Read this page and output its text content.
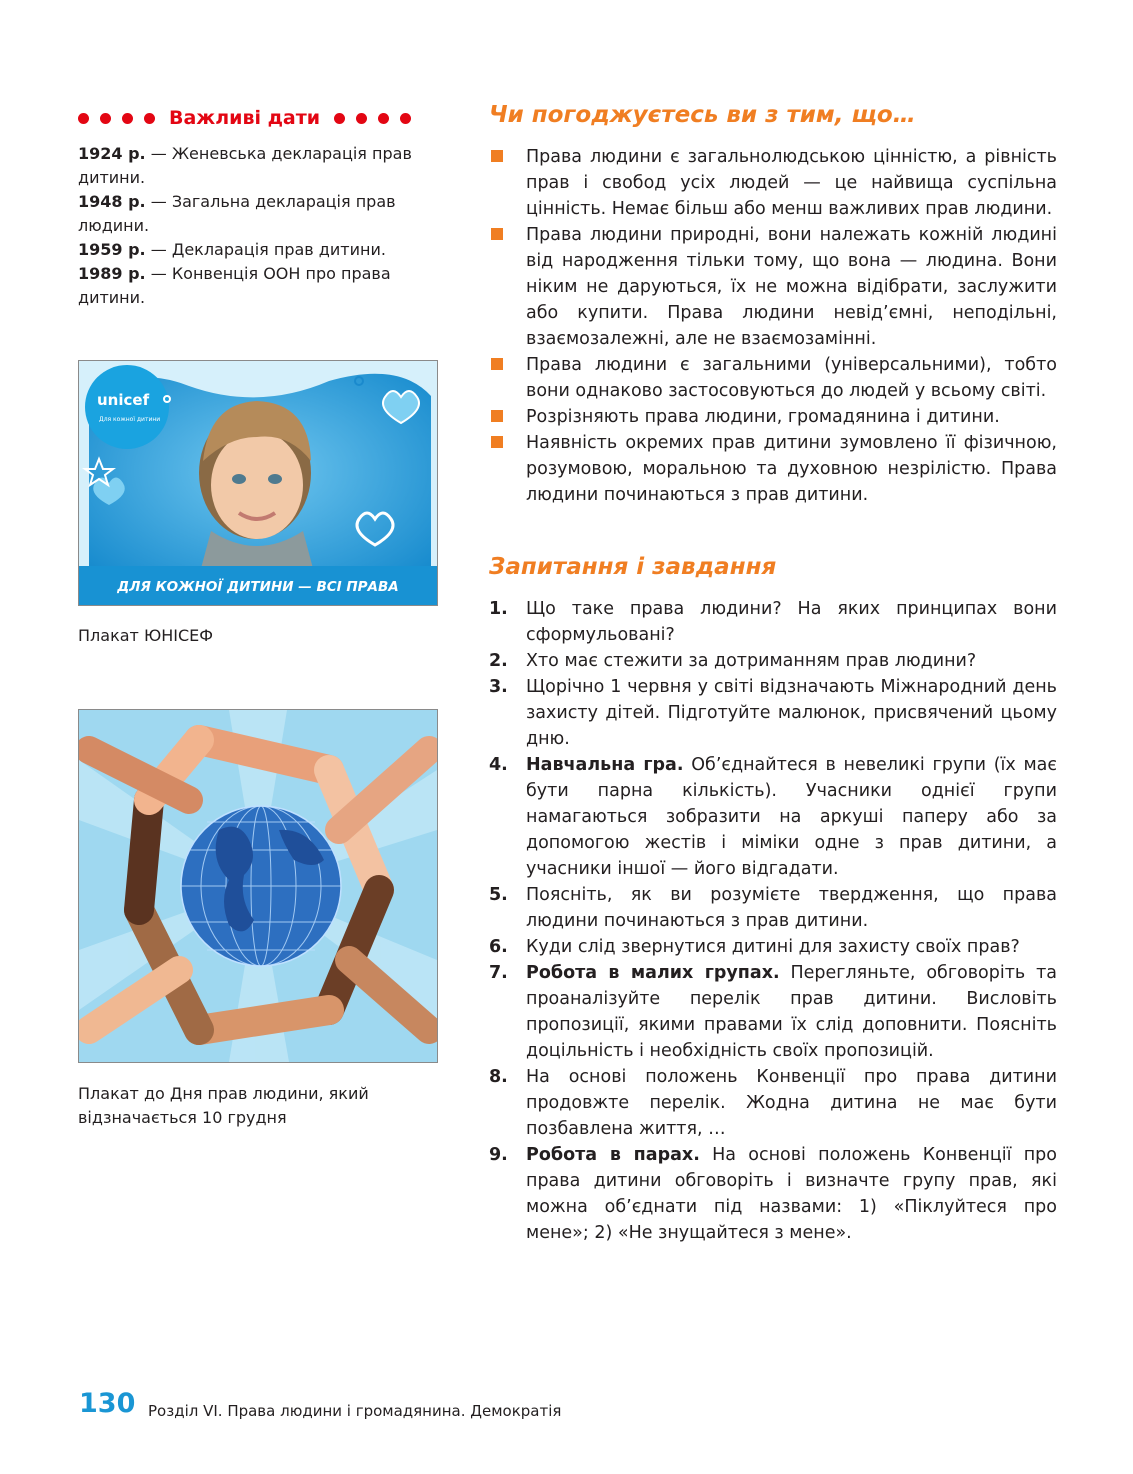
Важливі дати

1924 р. — Женевська декларація прав дитини.

1948 р. — Загальна декларація прав людини.

1959 р. — Декларація прав дитини.

1989 р. — Конвенція ООН про права дитини.

unicef
Для кожної дитини
ДЛЯ КОЖНОЇ ДИТИНИ — ВСІ ПРАВА
Плакат ЮНІСЕФ
Плакат до Дня прав людини, який відзначається 10 грудня
Чи погоджуєтесь ви з тим, що…
Права людини є загальнолюдською цінністю, а рівність прав і свобод усіх людей — це найвища суспільна цінність. Немає більш або менш важливих прав людини.
Права людини природні, вони належать кожній людині від народження тільки тому, що вона — людина. Вони ніким не даруються, їх не можна відібрати, заслужити або купити. Права людини невід’ємні, неподільні, взаємозалежні, але не взаємозамінні.
Права людини є загальними (універсальними), тобто вони однаково застосовуються до людей у всьому світі.
Розрізняють права людини, громадянина і дитини.
Наявність окремих прав дитини зумовлено її фізичною, розумовою, моральною та духовною незрілістю. Права людини починаються з прав дитини.
Запитання і завдання
1. Що таке права людини? На яких принципах вони сформульовані?
2. Хто має стежити за дотриманням прав людини?
3. Щорічно 1 червня у світі відзначають Міжнародний день захисту дітей. Підготуйте малюнок, присвячений цьому дню.
4. Навчальна гра. Об’єднайтеся в невеликі групи (їх має бути парна кількість). Учасники однієї групи намагаються зобразити на аркуші паперу або за допомогою жестів і міміки одне з прав дитини, а учасники іншої — його відгадати.
5. Поясніть, як ви розумієте твердження, що права людини починаються з прав дитини.
6. Куди слід звернутися дитині для захисту своїх прав?
7. Робота в малих групах. Перегляньте, обговоріть та проаналізуйте перелік прав дитини. Висловіть пропозиції, якими правами їх слід доповнити. Поясніть доцільність і необхідність своїх пропозицій.
8. На основі положень Конвенції про права дитини продовжте перелік. Жодна дитина не має бути позбавлена життя, …
9. Робота в парах. На основі положень Конвенції про права дитини обговоріть і визначте групу прав, які можна об’єднати під назвами: 1) «Піклуйтеся про мене»; 2) «Не знущайтеся з мене».
130 Розділ VI. Права людини і громадянина. Демократія
